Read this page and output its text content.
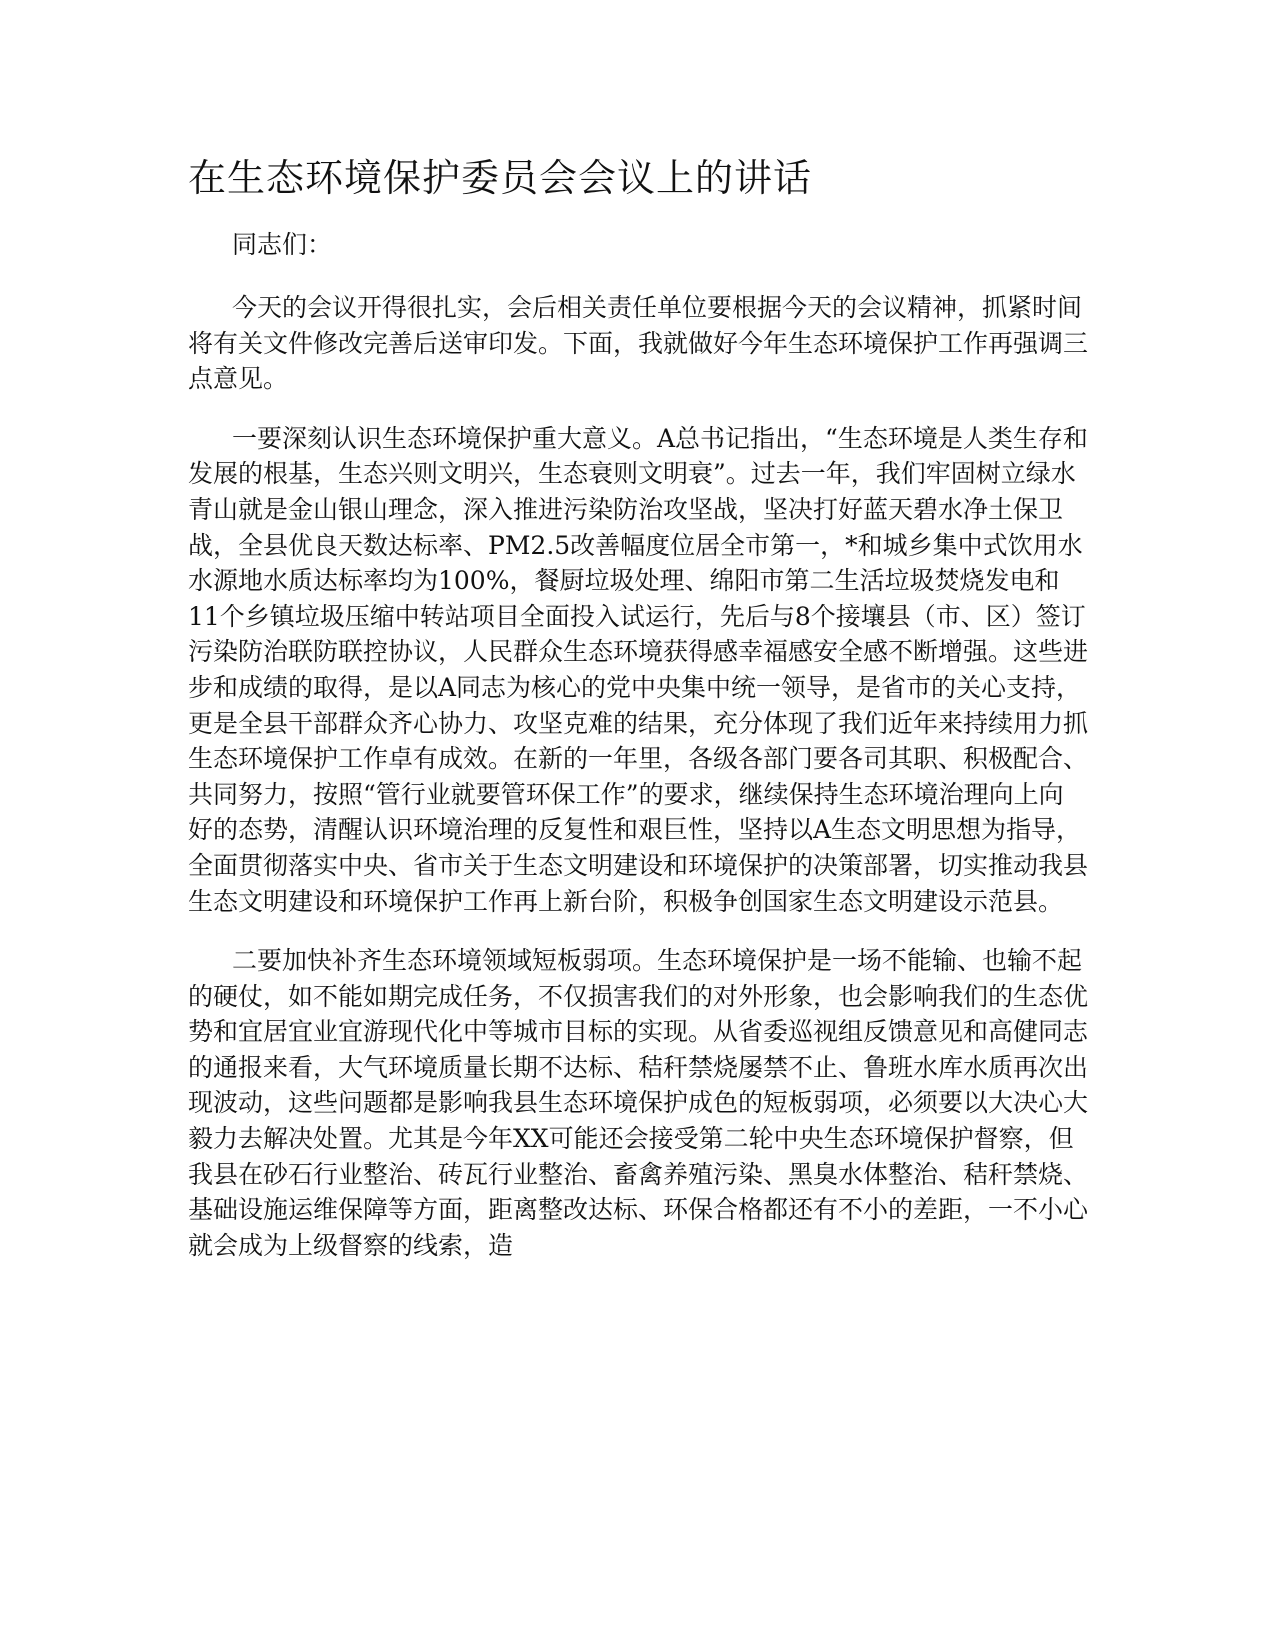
在生态环境保护委员会会议上的讲话

同志们：

今天的会议开得很扎实，会后相关责任单位要根据今天的会议精神，抓紧时间将有关文件修改完善后送审印发。下面，我就做好今年生态环境保护工作再强调三点意见。

一要深刻认识生态环境保护重大意义。A总书记指出，“生态环境是人类生存和发展的根基，生态兴则文明兴，生态衰则文明衰”。过去一年，我们牢固树立绿水青山就是金山银山理念，深入推进污染防治攻坚战，坚决打好蓝天碧水净土保卫战，全县优良天数达标率、PM2.5改善幅度位居全市第一，*和城乡集中式饮用水水源地水质达标率均为100%，餐厨垃圾处理、绵阳市第二生活垃圾焚烧发电和11个乡镇垃圾压缩中转站项目全面投入试运行，先后与8个接壤县（市、区）签订污染防治联防联控协议，人民群众生态环境获得感幸福感安全感不断增强。这些进步和成绩的取得，是以A同志为核心的党中央集中统一领导，是省市的关心支持，更是全县干部群众齐心协力、攻坚克难的结果，充分体现了我们近年来持续用力抓生态环境保护工作卓有成效。在新的一年里，各级各部门要各司其职、积极配合、共同努力，按照“管行业就要管环保工作”的要求，继续保持生态环境治理向上向好的态势，清醒认识环境治理的反复性和艰巨性，坚持以A生态文明思想为指导，全面贯彻落实中央、省市关于生态文明建设和环境保护的决策部署，切实推动我县生态文明建设和环境保护工作再上新台阶，积极争创国家生态文明建设示范县。

二要加快补齐生态环境领域短板弱项。生态环境保护是一场不能输、也输不起的硬仗，如不能如期完成任务，不仅损害我们的对外形象，也会影响我们的生态优势和宜居宜业宜游现代化中等城市目标的实现。从省委巡视组反馈意见和高健同志的通报来看，大气环境质量长期不达标、秸秆禁烧屡禁不止、鲁班水库水质再次出现波动，这些问题都是影响我县生态环境保护成色的短板弱项，必须要以大决心大毅力去解决处置。尤其是今年XX可能还会接受第二轮中央生态环境保护督察，但我县在砂石行业整治、砖瓦行业整治、畜禽养殖污染、黑臭水体整治、秸秆禁烧、基础设施运维保障等方面，距离整改达标、环保合格都还有不小的差距，一不小心就会成为上级督察的线索，造
